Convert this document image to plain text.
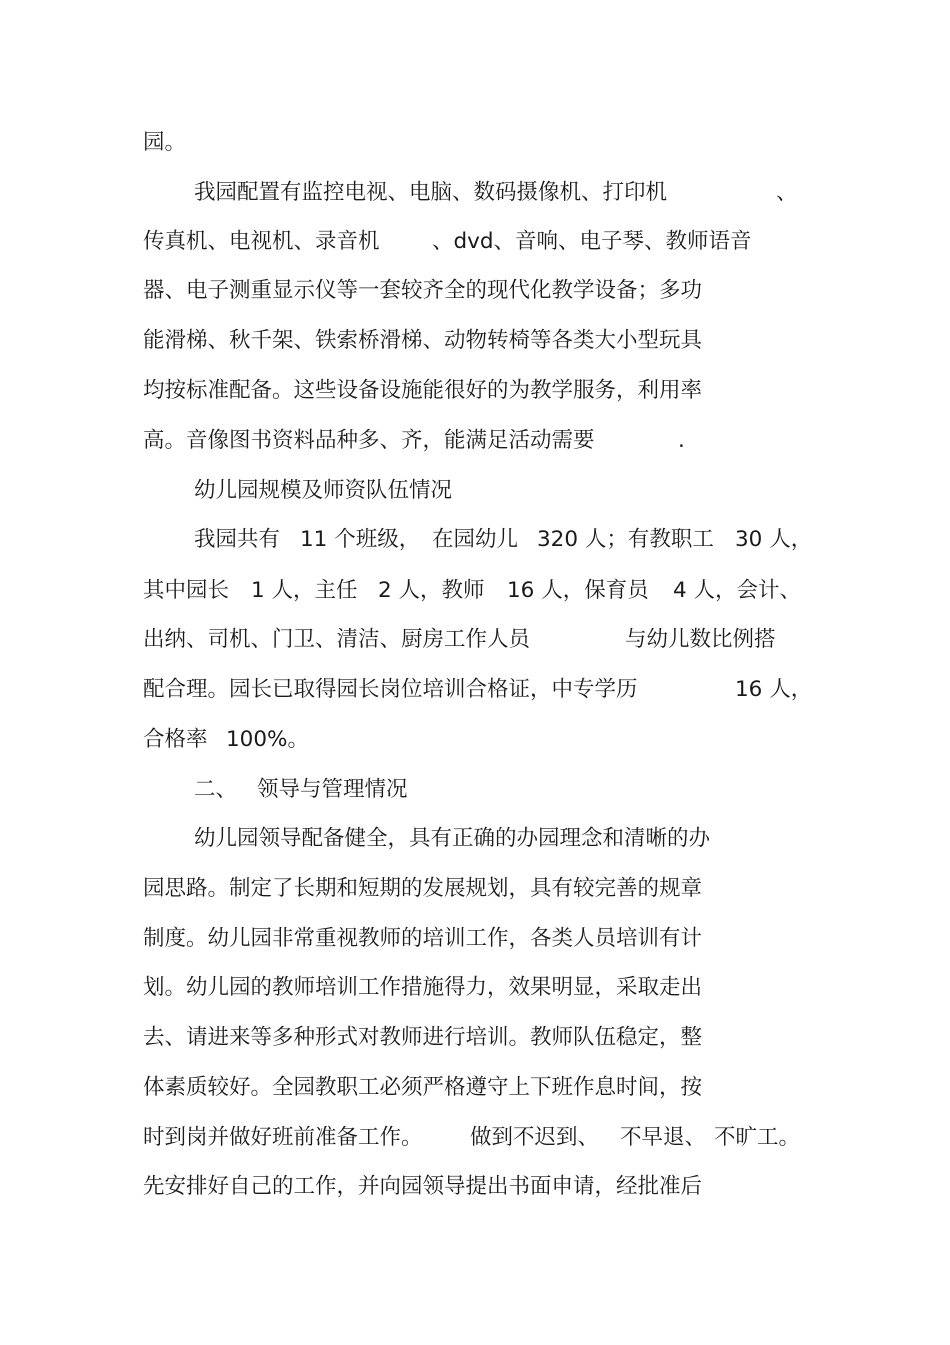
园。
我园配置有监控电视、电脑、数码摄像机、打印机	、
传真机、电视机、录音机 、dvd、音响、电子琴、教师语音
器、电子测重显示仪等一套较齐全的现代化教学设备；多功
能滑梯、秋千架、铁索桥滑梯、动物转椅等各类大小型玩具
均按标准配备。这些设备设施能很好的为教学服务，利用率
高。音像图书资料品种多、齐，能满足活动需要	.
幼儿园规模及师资队伍情况
我园共有 11 个班级， 在园幼儿 320 人；有教职工 30 人，
其中园长 1 人，主任 2 人，教师 16 人，保育员 4 人，会计、
出纳、司机、门卫、清洁、厨房工作人员	与幼儿数比例搭
配合理。园长已取得园长岗位培训合格证，中专学历	16 人，
合格率 100%。
二、 领导与管理情况
幼儿园领导配备健全，具有正确的办园理念和清晰的办
园思路。制定了长期和短期的发展规划，具有较完善的规章
制度。幼儿园非常重视教师的培训工作，各类人员培训有计
划。幼儿园的教师培训工作措施得力，效果明显，采取走出
去、请进来等多种形式对教师进行培训。教师队伍稳定，整
体素质较好。全园教职工必须严格遵守上下班作息时间，按
时到岗并做好班前准备工作。 做到不迟到、 不早退、 不旷工。
先安排好自己的工作，并向园领导提出书面申请，经批准后
